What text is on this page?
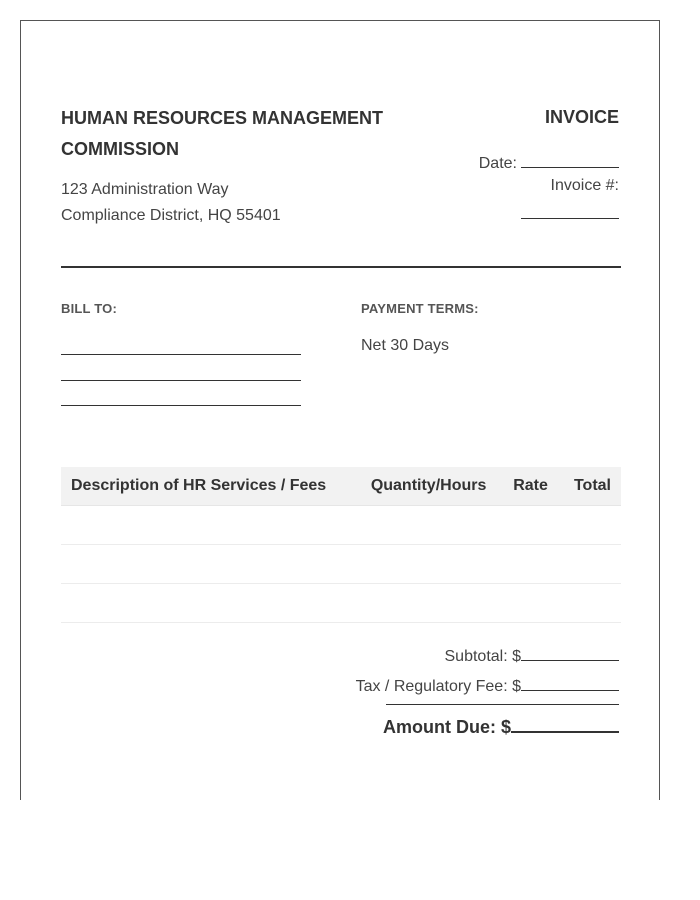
HUMAN RESOURCES MANAGEMENT COMMISSION
123 Administration Way
Compliance District, HQ 55401
INVOICE
Date:
Invoice #:
BILL TO:	PAYMENT TERMS:
Net 30 Days
Description of HR Services / Fees	Quantity/Hours	Rate	Total

Subtotal: $
Tax / Regulatory Fee: $
Amount Due: $
